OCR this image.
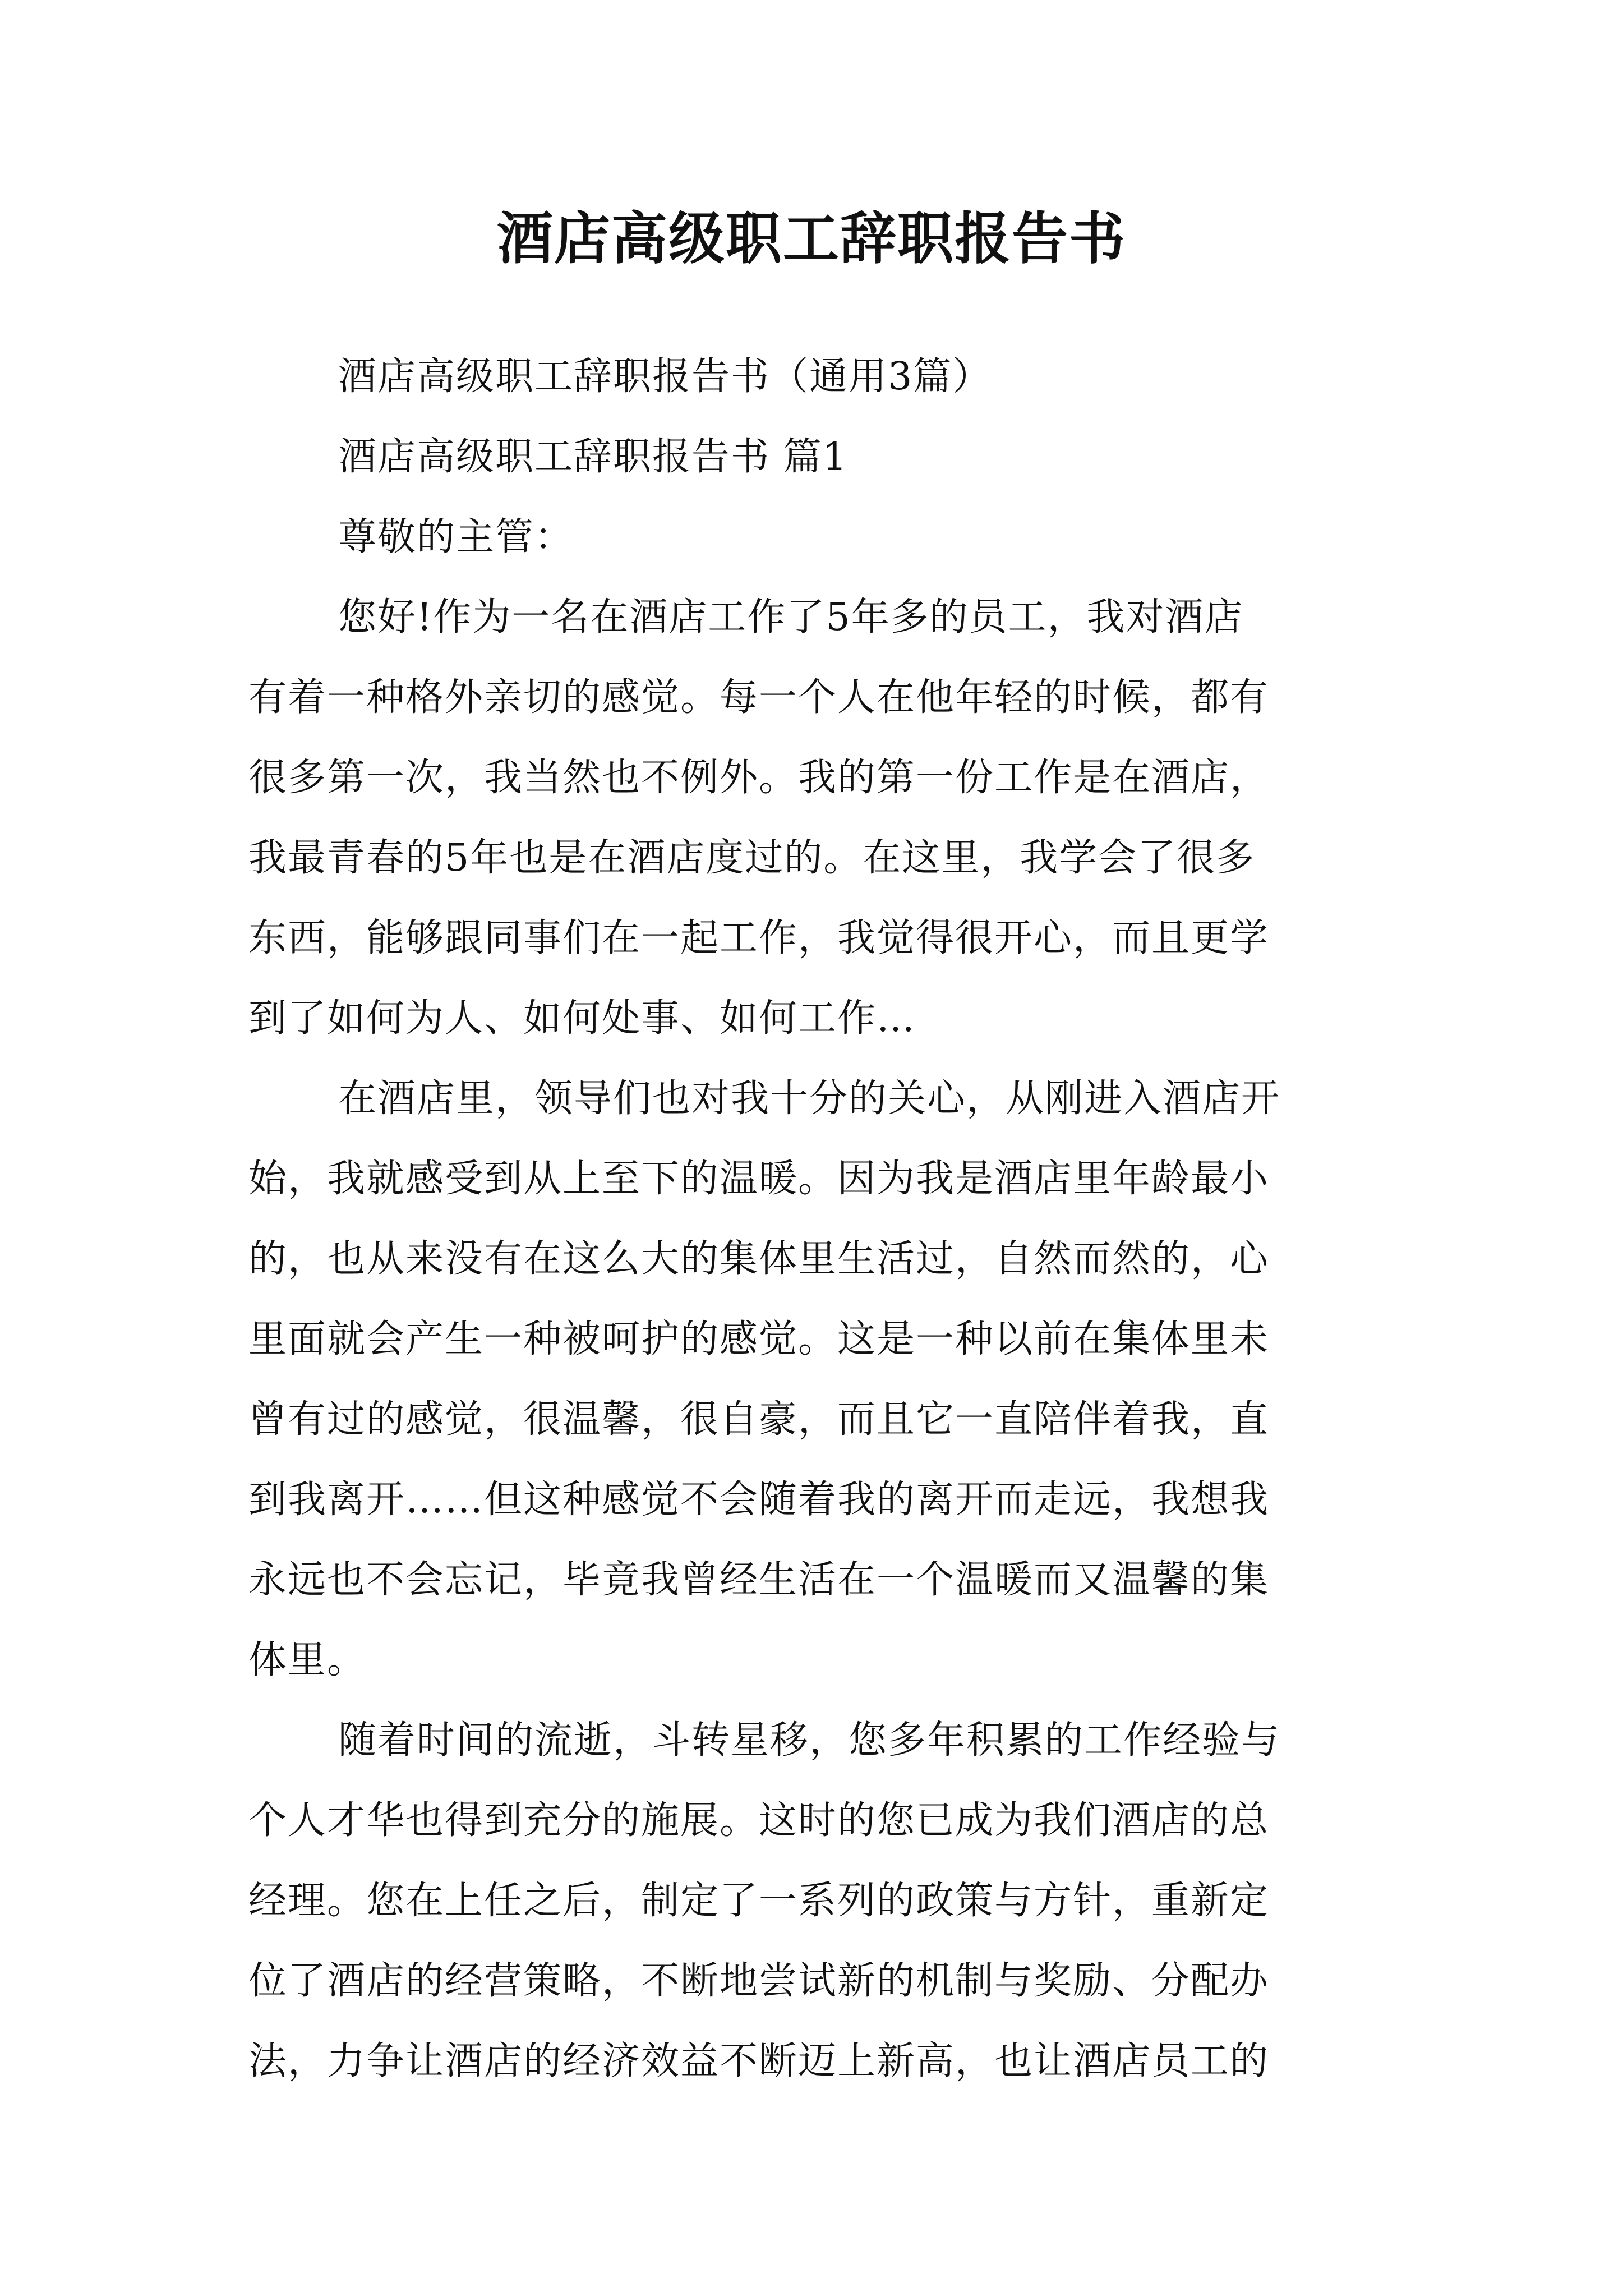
酒店高级职工辞职报告书
酒店高级职工辞职报告书（通用3篇）
酒店高级职工辞职报告书 篇1
尊敬的主管：
您好!作为一名在酒店工作了5年多的员工，我对酒店
有着一种格外亲切的感觉。每一个人在他年轻的时候，都有
很多第一次，我当然也不例外。我的第一份工作是在酒店，
我最青春的5年也是在酒店度过的。在这里，我学会了很多
东西，能够跟同事们在一起工作，我觉得很开心，而且更学
到了如何为人、如何处事、如何工作…
在酒店里，领导们也对我十分的关心，从刚进入酒店开
始，我就感受到从上至下的温暖。因为我是酒店里年龄最小
的，也从来没有在这么大的集体里生活过，自然而然的，心
里面就会产生一种被呵护的感觉。这是一种以前在集体里未
曾有过的感觉，很温馨，很自豪，而且它一直陪伴着我，直
到我离开……但这种感觉不会随着我的离开而走远，我想我
永远也不会忘记，毕竟我曾经生活在一个温暖而又温馨的集
体里。
随着时间的流逝，斗转星移，您多年积累的工作经验与
个人才华也得到充分的施展。这时的您已成为我们酒店的总
经理。您在上任之后，制定了一系列的政策与方针，重新定
位了酒店的经营策略，不断地尝试新的机制与奖励、分配办
法，力争让酒店的经济效益不断迈上新高，也让酒店员工的
